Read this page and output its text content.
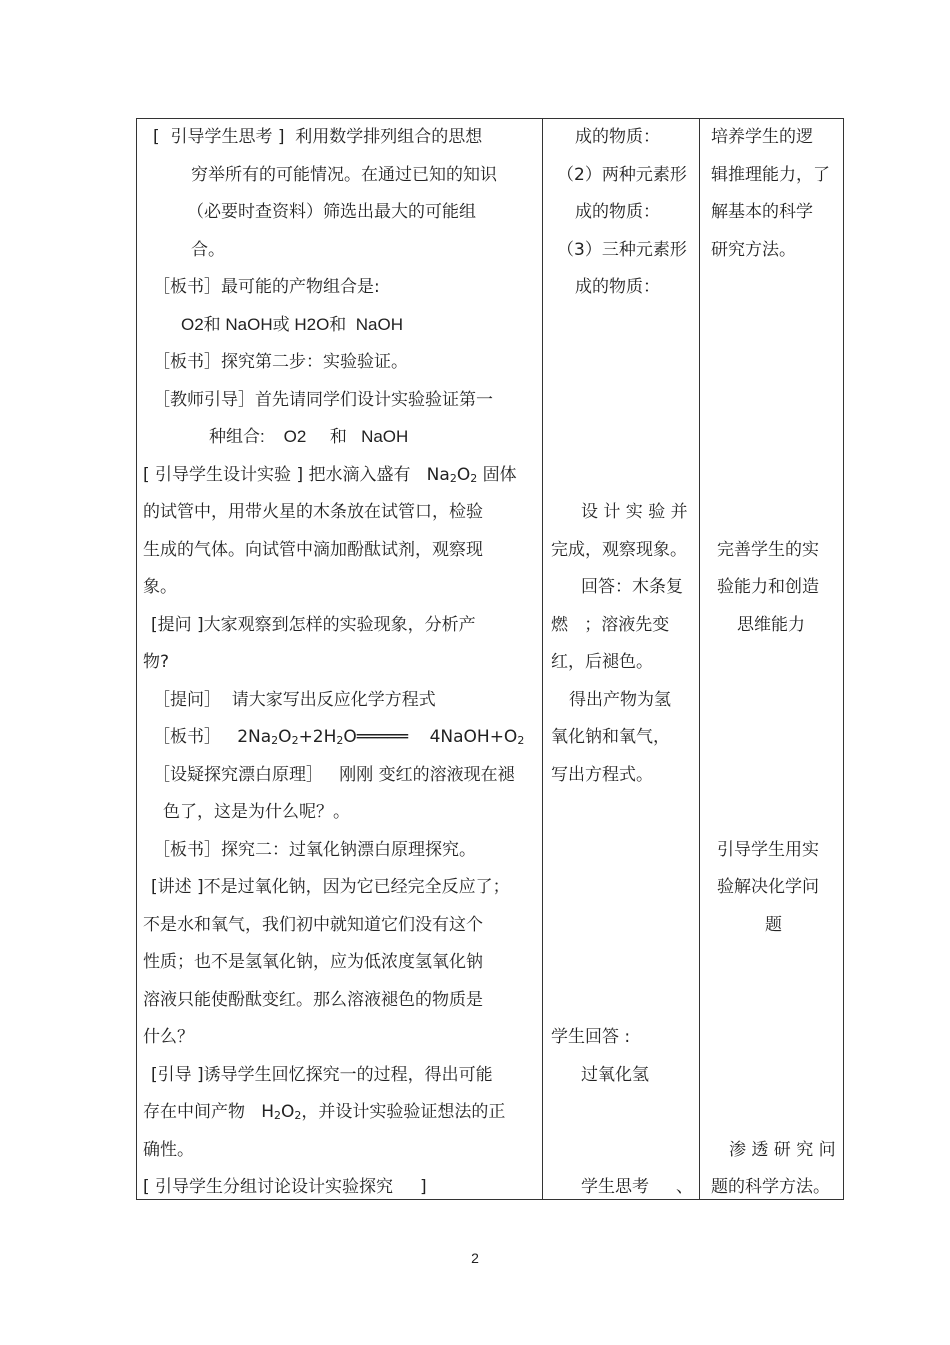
[  引导学生思考 ]  利用数学排列组合的思想
穷举所有的可能情况。在通过已知的知识
（必要时查资料）筛选出最大的可能组
合。
［板书］最可能的产物组合是:
O2和 NaOH或 H2O和  NaOH
［板书］探究第二步：实验验证。
［教师引导］首先请同学们设计实验验证第一
种组合:    O2     和   NaOH
[ 引导学生设计实验 ] 把水滴入盛有   Na2O2 固体
的试管中，用带火星的木条放在试管口，检验
生成的气体。向试管中滴加酚酞试剂，观察现
象。
[提问 ]大家观察到怎样的实验现象，分析产
物?
［提问］  请大家写出反应化学方程式
［板书］   2Na2O2+2H2O═════    4NaOH+O2
［设疑探究漂白原理］   刚刚 变红的溶液现在褪
色了，这是为什么呢？。
［板书］探究二：过氧化钠漂白原理探究。
[讲述 ]不是过氧化钠，因为它已经完全反应了；
不是水和氧气，我们初中就知道它们没有这个
性质；也不是氢氧化钠，应为低浓度氢氧化钠
溶液只能使酚酞变红。那么溶液褪色的物质是
什么？
[引导 ]诱导学生回忆探究一的过程，得出可能
存在中间产物   H2O2，并设计实验验证想法的正
确性。
[ 引导学生分组讨论设计实验探究     ]
成的物质：
（2）两种元素形
成的物质：
（3）三种元素形
成的物质：
设 计 实 验 并
完成，观察现象。
回答：木条复
燃   ；溶液先变
红，后褪色。
得出产物为氢
氧化钠和氧气，
写出方程式。
学生回答 :
过氧化氢
学生思考     、
培养学生的逻
辑推理能力，了
解基本的科学
研究方法。
完善学生的实
验能力和创造
思维能力
引导学生用实
验解决化学问
题
渗 透 研 究 问
题的科学方法。
2
